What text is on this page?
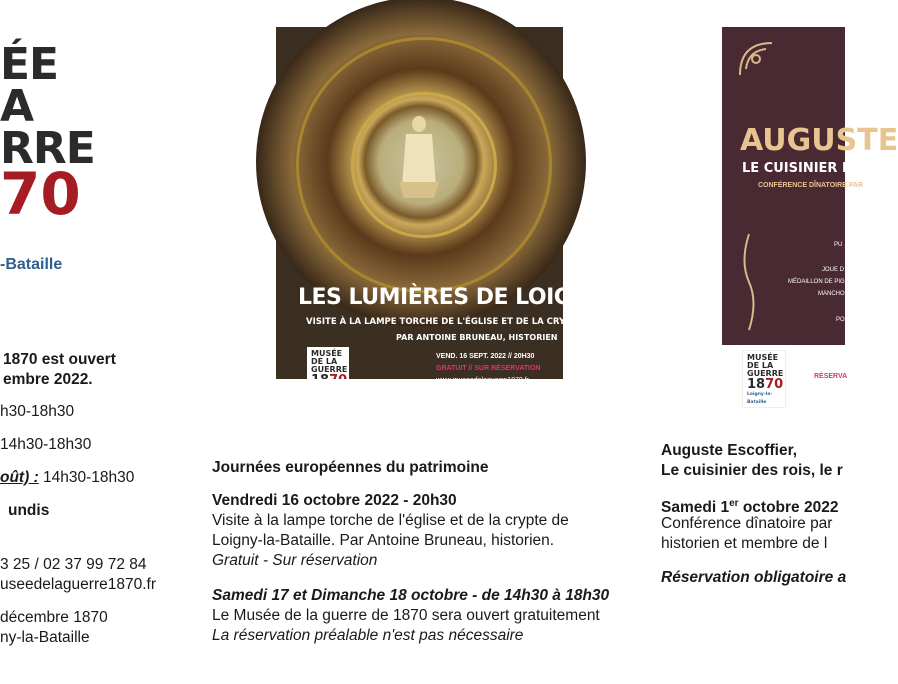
ÉE
A
RRE
70
-Bataille
1870 est ouvert
embre 2022.
h30-18h30
14h30-18h30
oût) : 14h30-18h30
undis
3 25 / 02 37 99 72 84
useedelaguerre1870.fr
décembre 1870
ny-la-Bataille
LES LUMIÈRES DE LOIGNY
VISITE À LA LAMPE TORCHE DE L'ÉGLISE ET DE LA CRYPTE
PAR ANTOINE BRUNEAU, HISTORIEN
MUSÉE
DE LA
GUERRE
VEND. 16 SEPT. 2022 // 20H30
GRATUIT // SUR RÉSERVATION
AUGUSTE
LE CUISINIER DES R
CONFÉRENCE DÎNATOIRE PAR
PU
JOUE D
MÉDAILLON DE PIGEO
MANCHON
PO
MUSÉE
DE LA
GUERRE
1870
Loigny-la-Bataille
RÉSERVA
Journées européennes du patrimoine
Vendredi 16 octobre 2022 - 20h30
Visite à la lampe torche de l'église et de la crypte de
Loigny-la-Bataille. Par Antoine Bruneau, historien.
Gratuit - Sur réservation
Samedi 17 et Dimanche 18 octobre - de 14h30 à 18h30
Le Musée de la guerre de 1870 sera ouvert gratuitement
La réservation préalable n'est pas nécessaire
Auguste Escoffier,
Le cuisinier des rois, le r
Samedi 1er octobre 2022
Conférence dînatoire par
historien et membre de l
Réservation obligatoire a
